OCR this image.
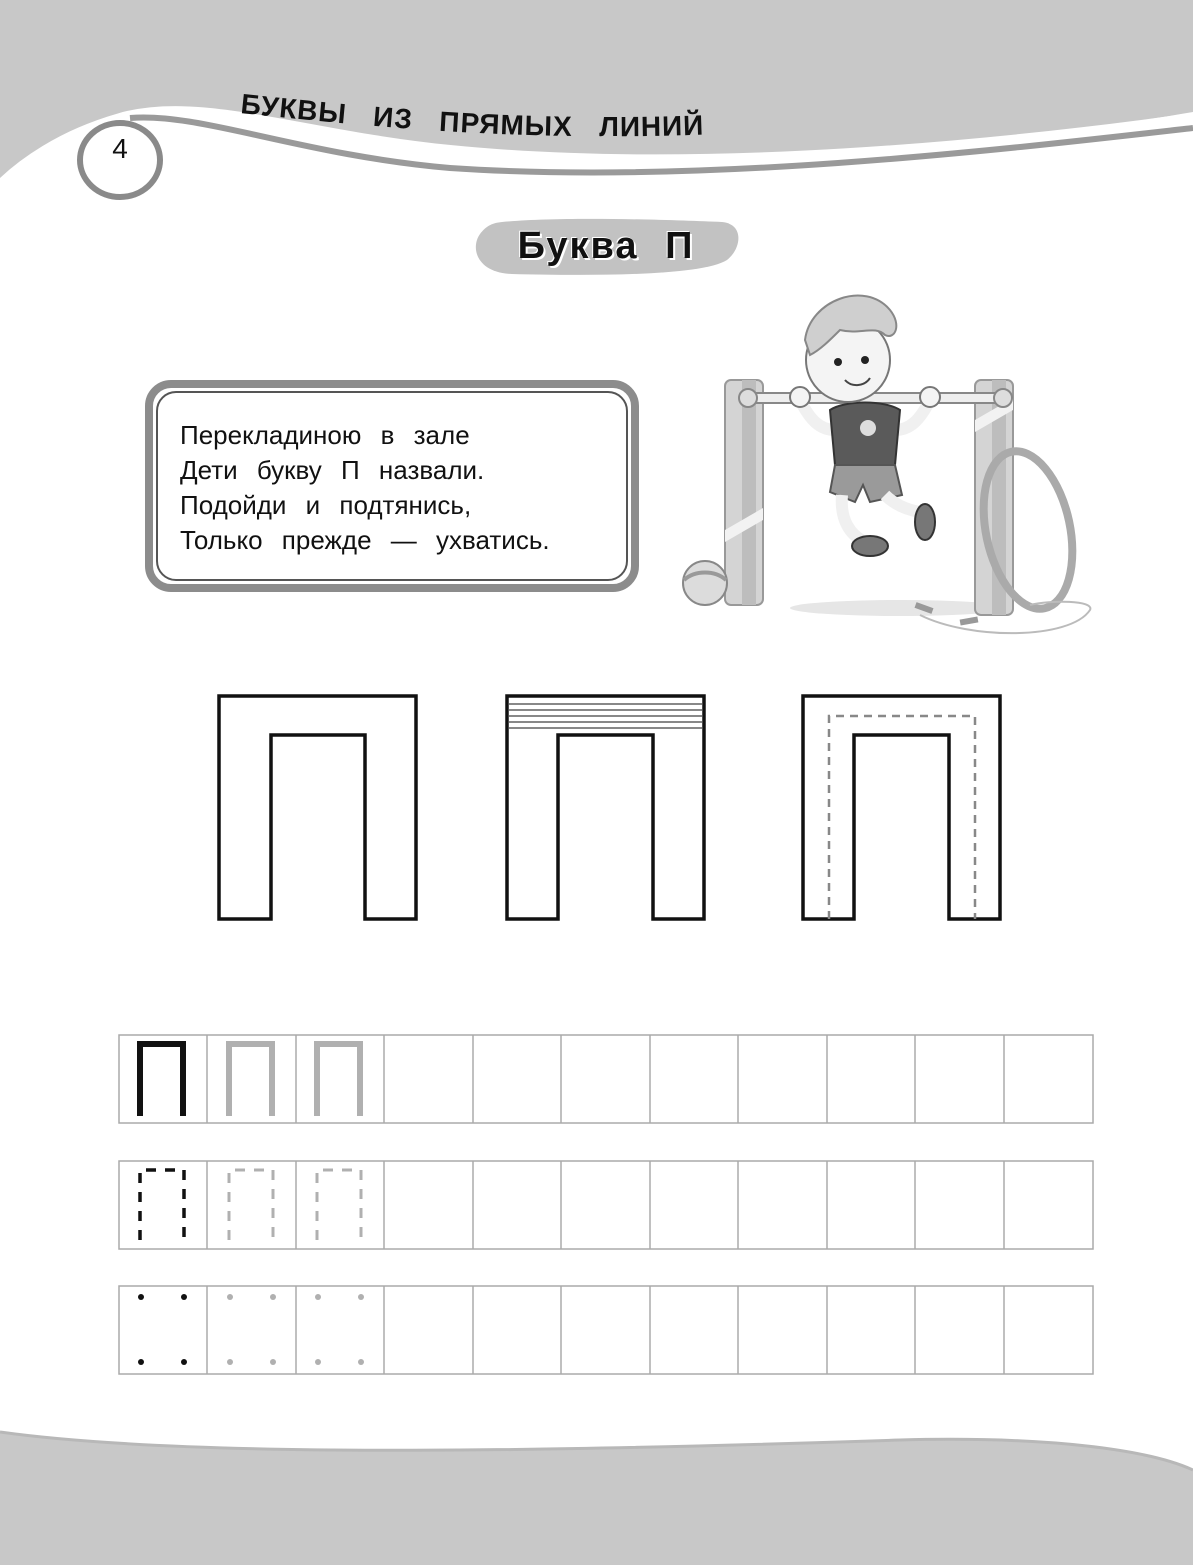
4
БУКВЫ ИЗ ПРЯМЫХ ЛИНИЙ
Буква П
Перекладиною в зале
Дети букву П назвали.
Подойди и подтянись,
Только прежде — ухватись.
